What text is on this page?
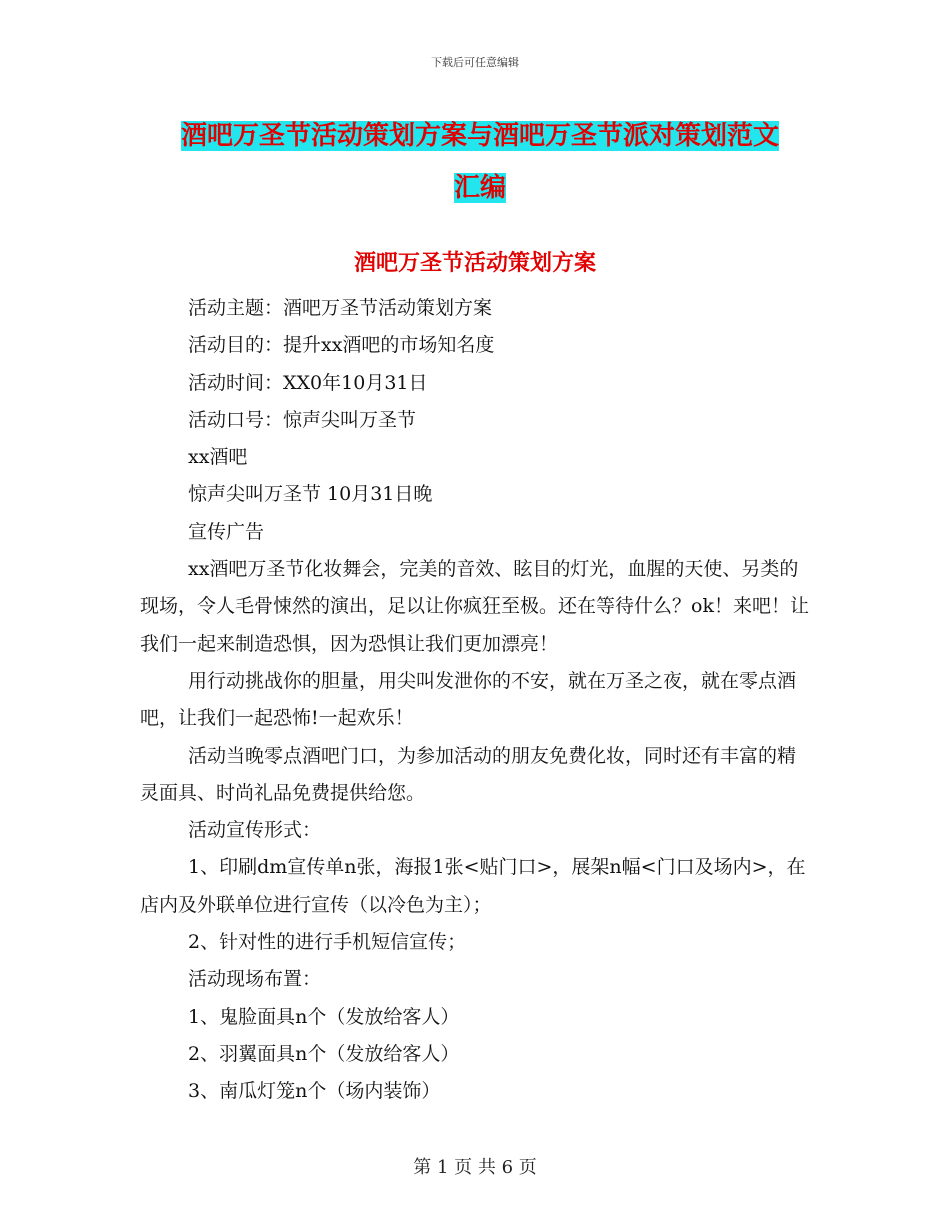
下载后可任意编辑
酒吧万圣节活动策划方案与酒吧万圣节派对策划范文
汇编
酒吧万圣节活动策划方案

活动主题：酒吧万圣节活动策划方案

活动目的：提升xx酒吧的市场知名度

活动时间：XX0年10月31日

活动口号：惊声尖叫万圣节

xx酒吧

惊声尖叫万圣节 10月31日晚

宣传广告

xx酒吧万圣节化妆舞会，完美的音效、眩目的灯光，血腥的天使、另类的现场，令人毛骨悚然的演出，足以让你疯狂至极。还在等待什么？ok！来吧！让我们一起来制造恐惧，因为恐惧让我们更加漂亮！

用行动挑战你的胆量，用尖叫发泄你的不安，就在万圣之夜，就在零点酒吧，让我们一起恐怖!一起欢乐！

活动当晚零点酒吧门口，为参加活动的朋友免费化妆，同时还有丰富的精灵面具、时尚礼品免费提供给您。

活动宣传形式：

1、印刷dm宣传单n张，海报1张<贴门口>，展架n幅<门口及场内>，在店内及外联单位进行宣传（以冷色为主）；

2、针对性的进行手机短信宣传；

活动现场布置：

1、鬼脸面具n个（发放给客人）

2、羽翼面具n个（发放给客人）

3、南瓜灯笼n个（场内装饰）

第 1 页 共 6 页
